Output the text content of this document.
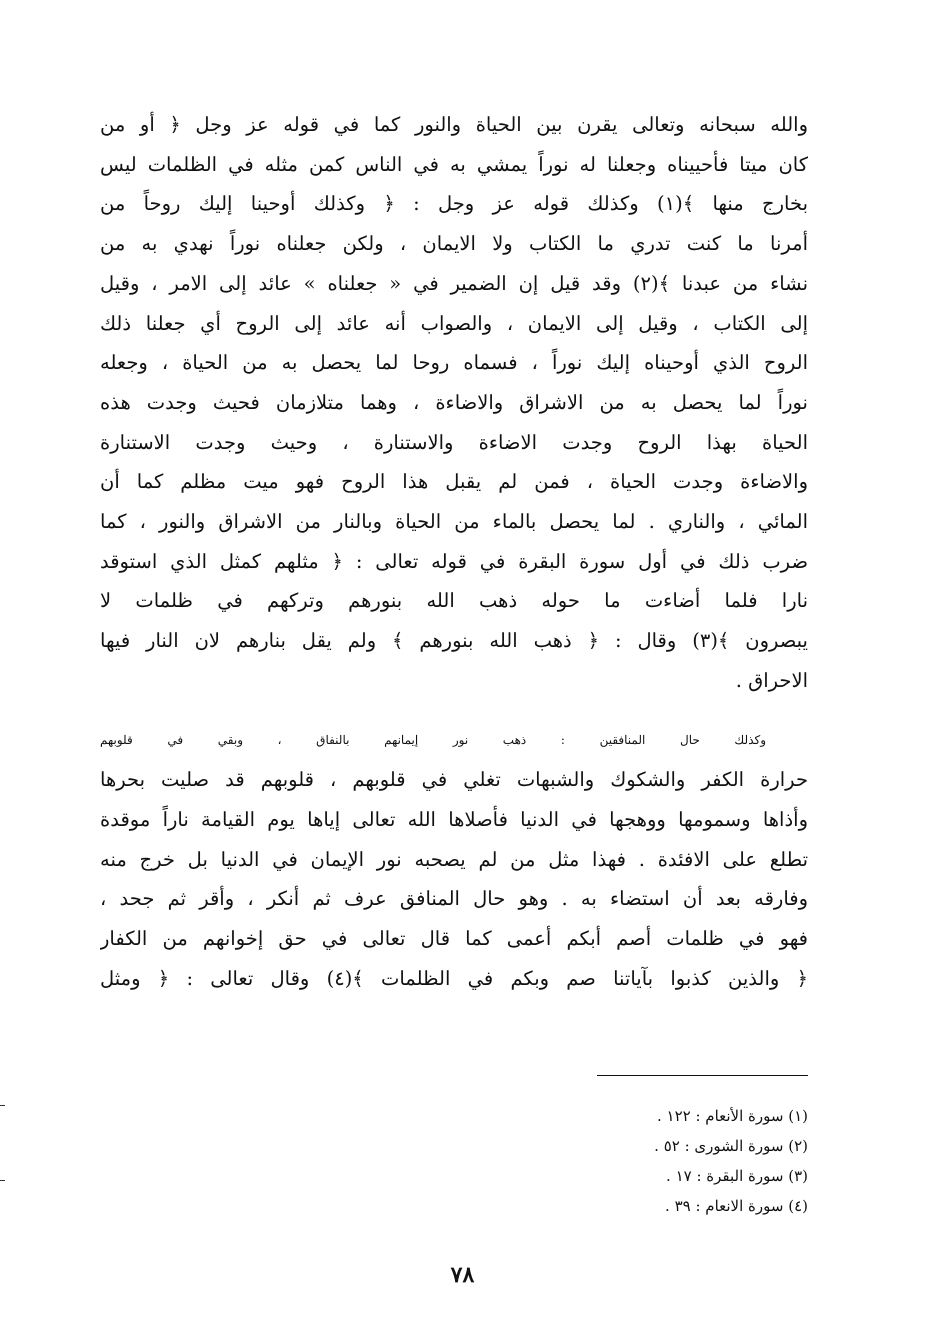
والله سبحانه وتعالى يقرن بين الحياة والنور كما في قوله عز وجل ﴿ أو من
كان ميتا فأحييناه وجعلنا له نوراً يمشي به في الناس كمن مثله في الظلمات ليس
بخارج منها ﴾(١) وكذلك قوله عز وجل : ﴿ وكذلك أوحينا إليك روحاً من
أمرنا ما كنت تدري ما الكتاب ولا الايمان ، ولكن جعلناه نوراً نهدي به من
نشاء من عبدنا ﴾(٢) وقد قيل إن الضمير في « جعلناه » عائد إلى الامر ، وقيل
إلى الكتاب ، وقيل إلى الايمان ، والصواب أنه عائد إلى الروح أي جعلنا ذلك
الروح الذي أوحيناه إليك نوراً ، فسماه روحا لما يحصل به من الحياة ، وجعله
نوراً لما يحصل به من الاشراق والاضاءة ، وهما متلازمان فحيث وجدت هذه
الحياة بهذا الروح وجدت الاضاءة والاستنارة ، وحيث وجدت الاستنارة
والاضاءة وجدت الحياة ، فمن لم يقبل هذا الروح فهو ميت مظلم كما أن
المائي ، والناري . لما يحصل بالماء من الحياة وبالنار من الاشراق والنور ، كما
ضرب ذلك في أول سورة البقرة في قوله تعالى : ﴿ مثلهم كمثل الذي استوقد
نارا فلما أضاءت ما حوله ذهب الله بنورهم وتركهم في ظلمات لا
يبصرون ﴾(٣) وقال : ﴿ ذهب الله بنورهم ﴾ ولم يقل بنارهم لان النار فيها
الاحراق .
وكذلك حال المنافقين : ذهب نور إيمانهم بالنفاق ، وبقي في قلوبهم
حرارة الكفر والشكوك والشبهات تغلي في قلوبهم ، قلوبهم قد صليت بحرها
وأذاها وسمومها ووهجها في الدنيا فأصلاها الله تعالى إياها يوم القيامة ناراً موقدة
تطلع على الافئدة . فهذا مثل من لم يصحبه نور الإيمان في الدنيا بل خرج منه
وفارقه بعد أن استضاء به . وهو حال المنافق عرف ثم أنكر ، وأقر ثم جحد ،
فهو في ظلمات أصم أبكم أعمى كما قال تعالى في حق إخوانهم من الكفار
﴿ والذين كذبوا بآياتنا صم وبكم في الظلمات ﴾(٤) وقال تعالى : ﴿ ومثل
(١) سورة الأنعام : ١٢٢ .
(٢) سورة الشورى : ٥٢ .
(٣) سورة البقرة : ١٧ .
(٤) سورة الانعام : ٣٩ .
٧٨
